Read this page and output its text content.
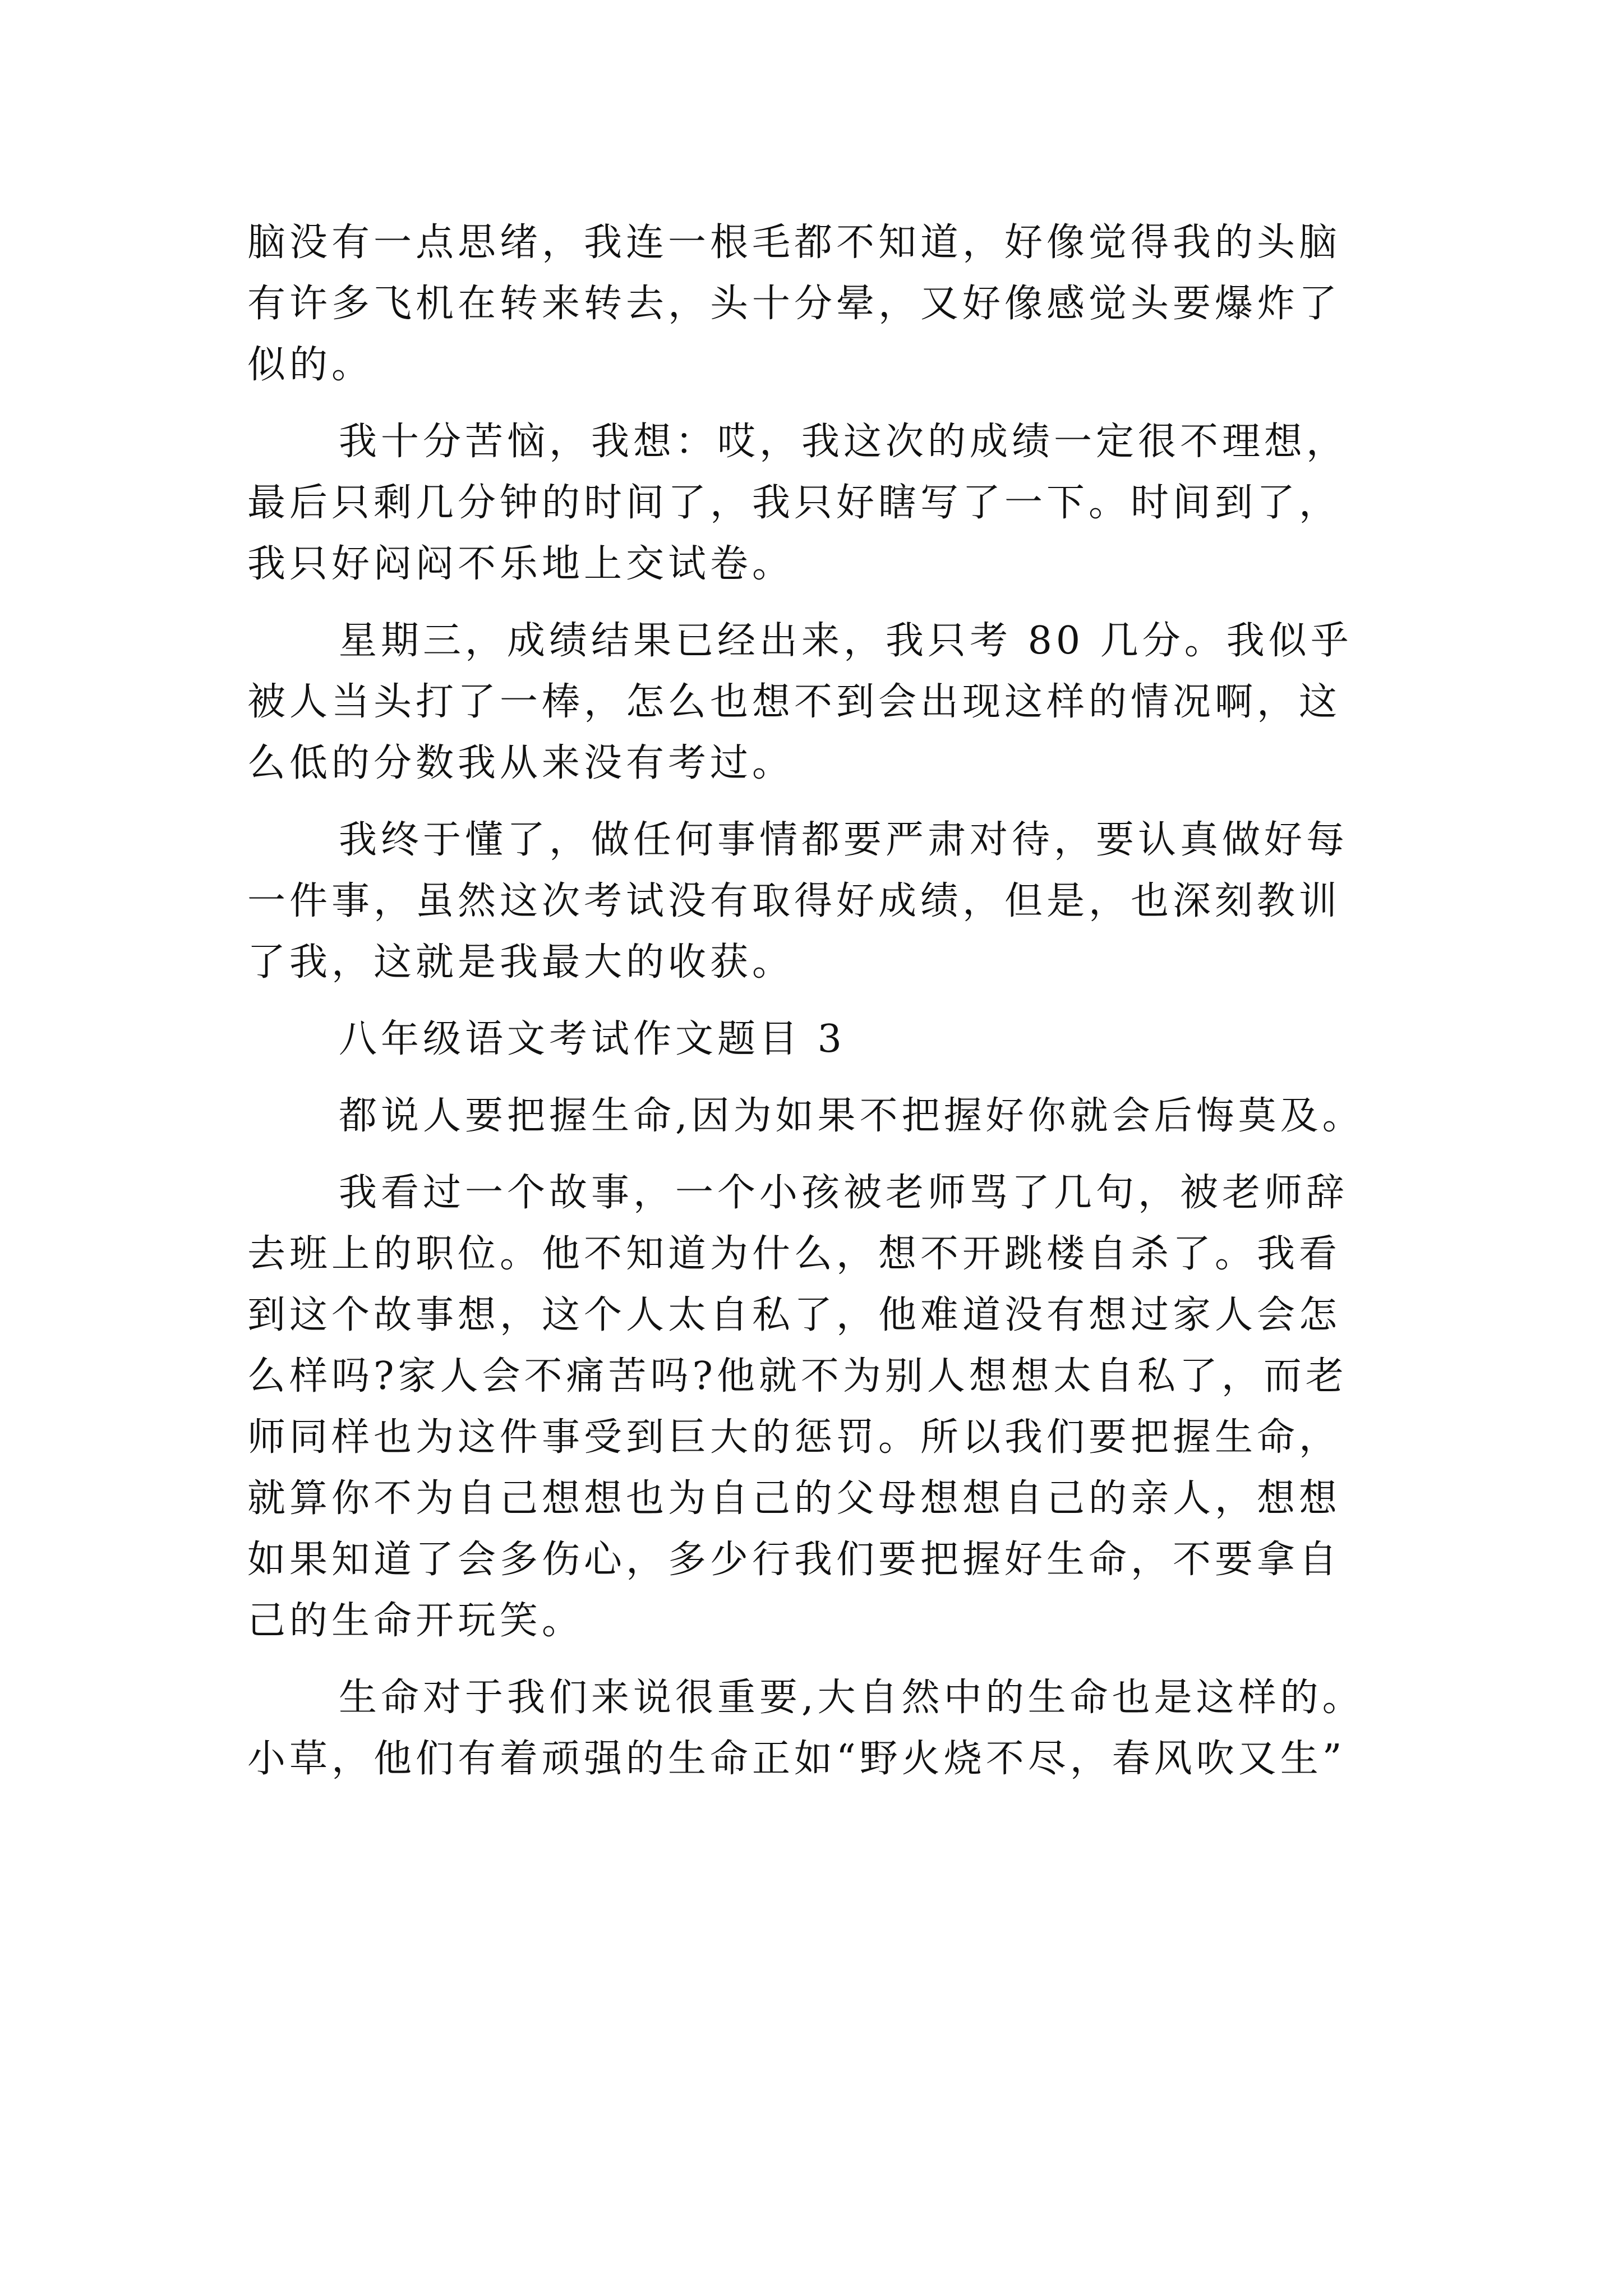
脑没有一点思绪，我连一根毛都不知道，好像觉得我的头脑
有许多飞机在转来转去，头十分晕，又好像感觉头要爆炸了
似的。
我十分苦恼，我想：哎，我这次的成绩一定很不理想，
最后只剩几分钟的时间了，我只好瞎写了一下。时间到了，
我只好闷闷不乐地上交试卷。
星期三，成绩结果已经出来，我只考 80 几分。我似乎
被人当头打了一棒，怎么也想不到会出现这样的情况啊，这
么低的分数我从来没有考过。
我终于懂了，做任何事情都要严肃对待，要认真做好每
一件事，虽然这次考试没有取得好成绩，但是，也深刻教训
了我，这就是我最大的收获。
八年级语文考试作文题目 3
都说人要把握生命,因为如果不把握好你就会后悔莫及。
我看过一个故事，一个小孩被老师骂了几句，被老师辞
去班上的职位。他不知道为什么，想不开跳楼自杀了。我看
到这个故事想，这个人太自私了，他难道没有想过家人会怎
么样吗?家人会不痛苦吗?他就不为别人想想太自私了，而老
师同样也为这件事受到巨大的惩罚。所以我们要把握生命，
就算你不为自己想想也为自己的父母想想自己的亲人，想想
如果知道了会多伤心，多少行我们要把握好生命，不要拿自
己的生命开玩笑。
生命对于我们来说很重要,大自然中的生命也是这样的。
小草，他们有着顽强的生命正如“野火烧不尽，春风吹又生”
